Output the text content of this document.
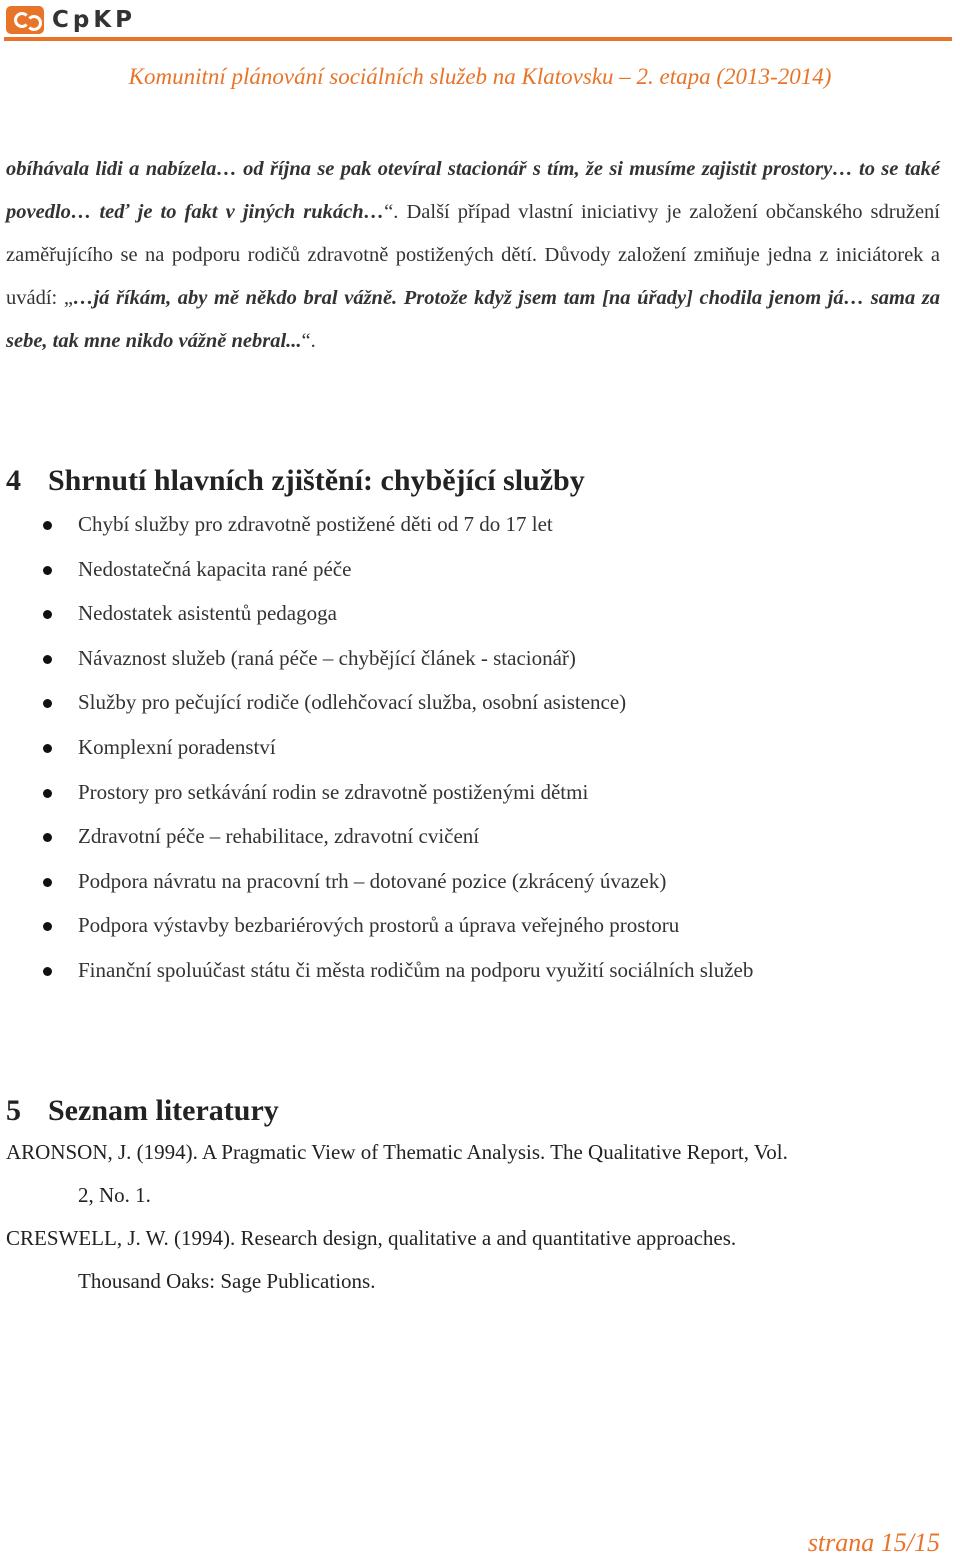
CpKP
Komunitní plánování sociálních služeb na Klatovsku – 2. etapa (2013-2014)
obíhávala lidi a nabízela… od října se pak otevíral stacionář s tím, že si musíme zajistit prostory… to se také povedlo… teď je to fakt v jiných rukách…“. Další případ vlastní iniciativy je založení občanského sdružení zaměřujícího se na podporu rodičů zdravotně postižených dětí. Důvody založení zmiňuje jedna z iniciátorek a uvádí: „…já říkám, aby mě někdo bral vážně. Protože když jsem tam [na úřady] chodila jenom já… sama za sebe, tak mne nikdo vážně nebral...“.
4 Shrnutí hlavních zjištění: chybějící služby
Chybí služby pro zdravotně postižené děti od 7 do 17 let
Nedostatečná kapacita rané péče
Nedostatek asistentů pedagoga
Návaznost služeb (raná péče – chybějící článek - stacionář)
Služby pro pečující rodiče (odlehčovací služba, osobní asistence)
Komplexní poradenství
Prostory pro setkávání rodin se zdravotně postiženými dětmi
Zdravotní péče – rehabilitace, zdravotní cvičení
Podpora návratu na pracovní trh – dotované pozice (zkrácený úvazek)
Podpora výstavby bezbariérových prostorů a úprava veřejného prostoru
Finanční spoluúčast státu či města rodičům na podporu využití sociálních služeb
5 Seznam literatury
ARONSON, J. (1994). A Pragmatic View of Thematic Analysis. The Qualitative Report, Vol.
2, No. 1.
CRESWELL, J. W. (1994). Research design, qualitative a and quantitative approaches.
Thousand Oaks: Sage Publications.
strana 15/15
